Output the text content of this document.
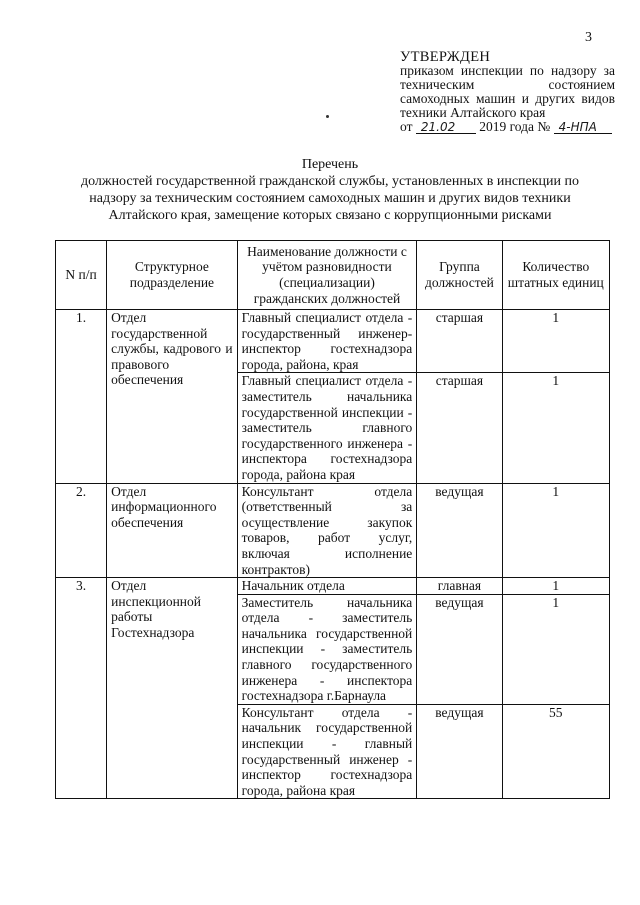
3
УТВЕРЖДЕН
приказом инспекции по надзору за техническим состоянием самоходных машин и других видов техники Алтайского края
от 21.02 2019 года № 4-НПА
Перечень
должностей государственной гражданской службы, установленных в инспекции по надзору за техническим состоянием самоходных машин и других видов техники Алтайского края, замещение которых связано с коррупционными рисками
N п/п	Структурное подразделение	Наименование должности с учётом разновидности (специализации) гражданских должностей	Группа должностей	Количество штатных единиц
1.	Отдел государственной службы, кадрового и правового обеспечения	Главный специалист отдела - государственный инженер-инспектор гостехнадзора города, района, края	старшая	1
		Главный специалист отдела - заместитель начальника государственной инспекции - заместитель главного государственного инженера - инспектора гостехнадзора города, района края	старшая	1
2.	Отдел информационного обеспечения	Консультант отдела (ответственный за осуществление закупок товаров, работ услуг, включая исполнение контрактов)	ведущая	1
3.	Отдел инспекционной работы Гостехнадзора	Начальник отдела	главная	1
		Заместитель начальника отдела - заместитель начальника государственной инспекции - заместитель главного государственного инженера - инспектора гостехнадзора г.Барнаула	ведущая	1
		Консультант отдела - начальник государственной инспекции - главный государственный инженер - инспектор гостехнадзора города, района края	ведущая	55
